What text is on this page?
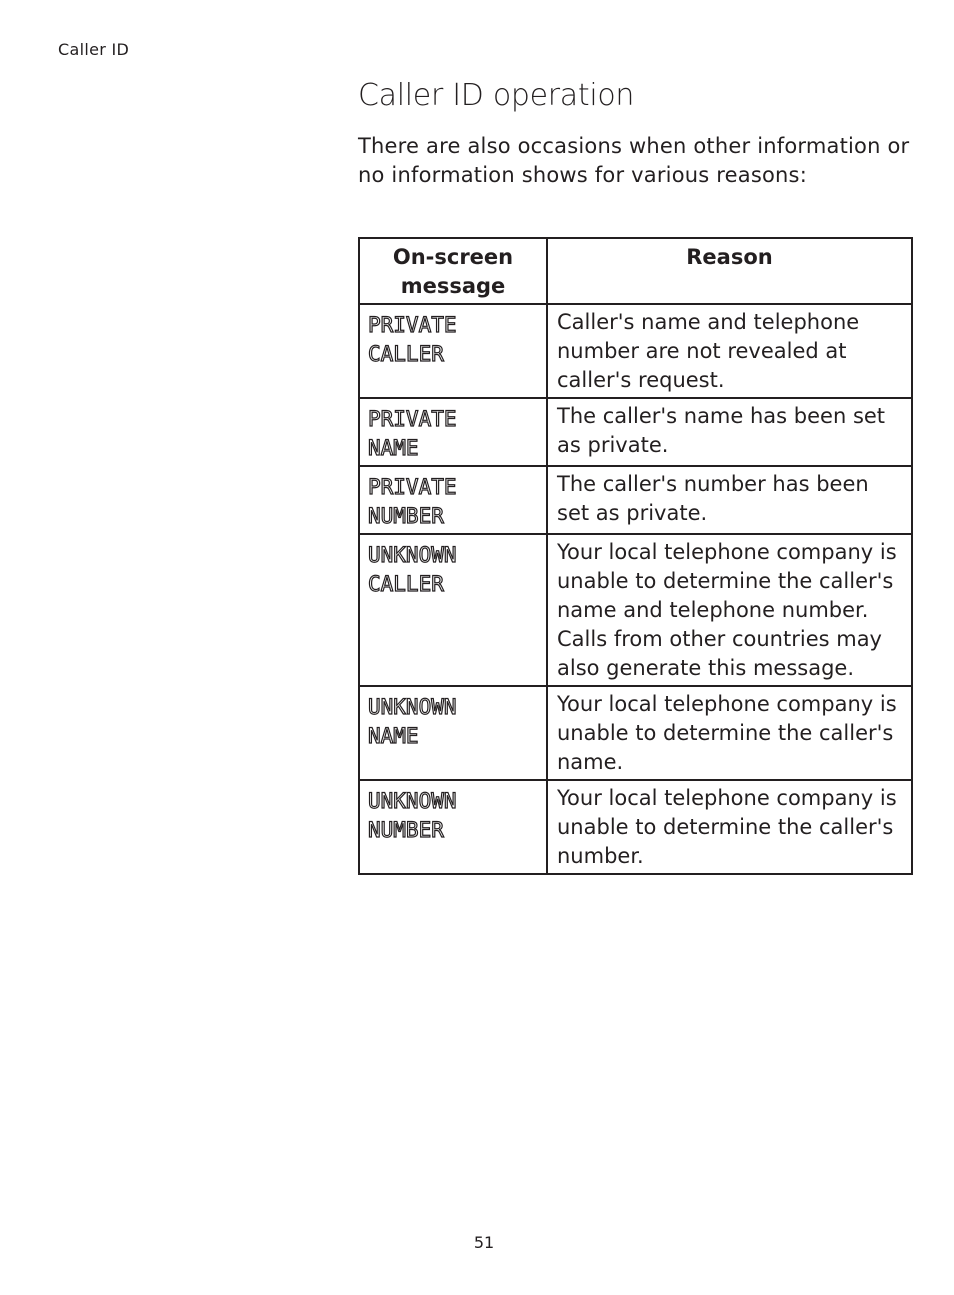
Caller ID
Caller ID operation

There are also occasions when other information or no information shows for various reasons:

On-screen message	Reason

PRIVATE
CALLER	Caller's name and telephone number are not revealed at caller's request.

PRIVATE
NAME	The caller's name has been set as private.

PRIVATE
NUMBER	The caller's number has been set as private.

UNKNOWN
CALLER	Your local telephone company is unable to determine the caller's name and telephone number. Calls from other countries may also generate this message.

UNKNOWN
NAME	Your local telephone company is unable to determine the caller's name.

UNKNOWN
NUMBER	Your local telephone company is unable to determine the caller's number.
51
